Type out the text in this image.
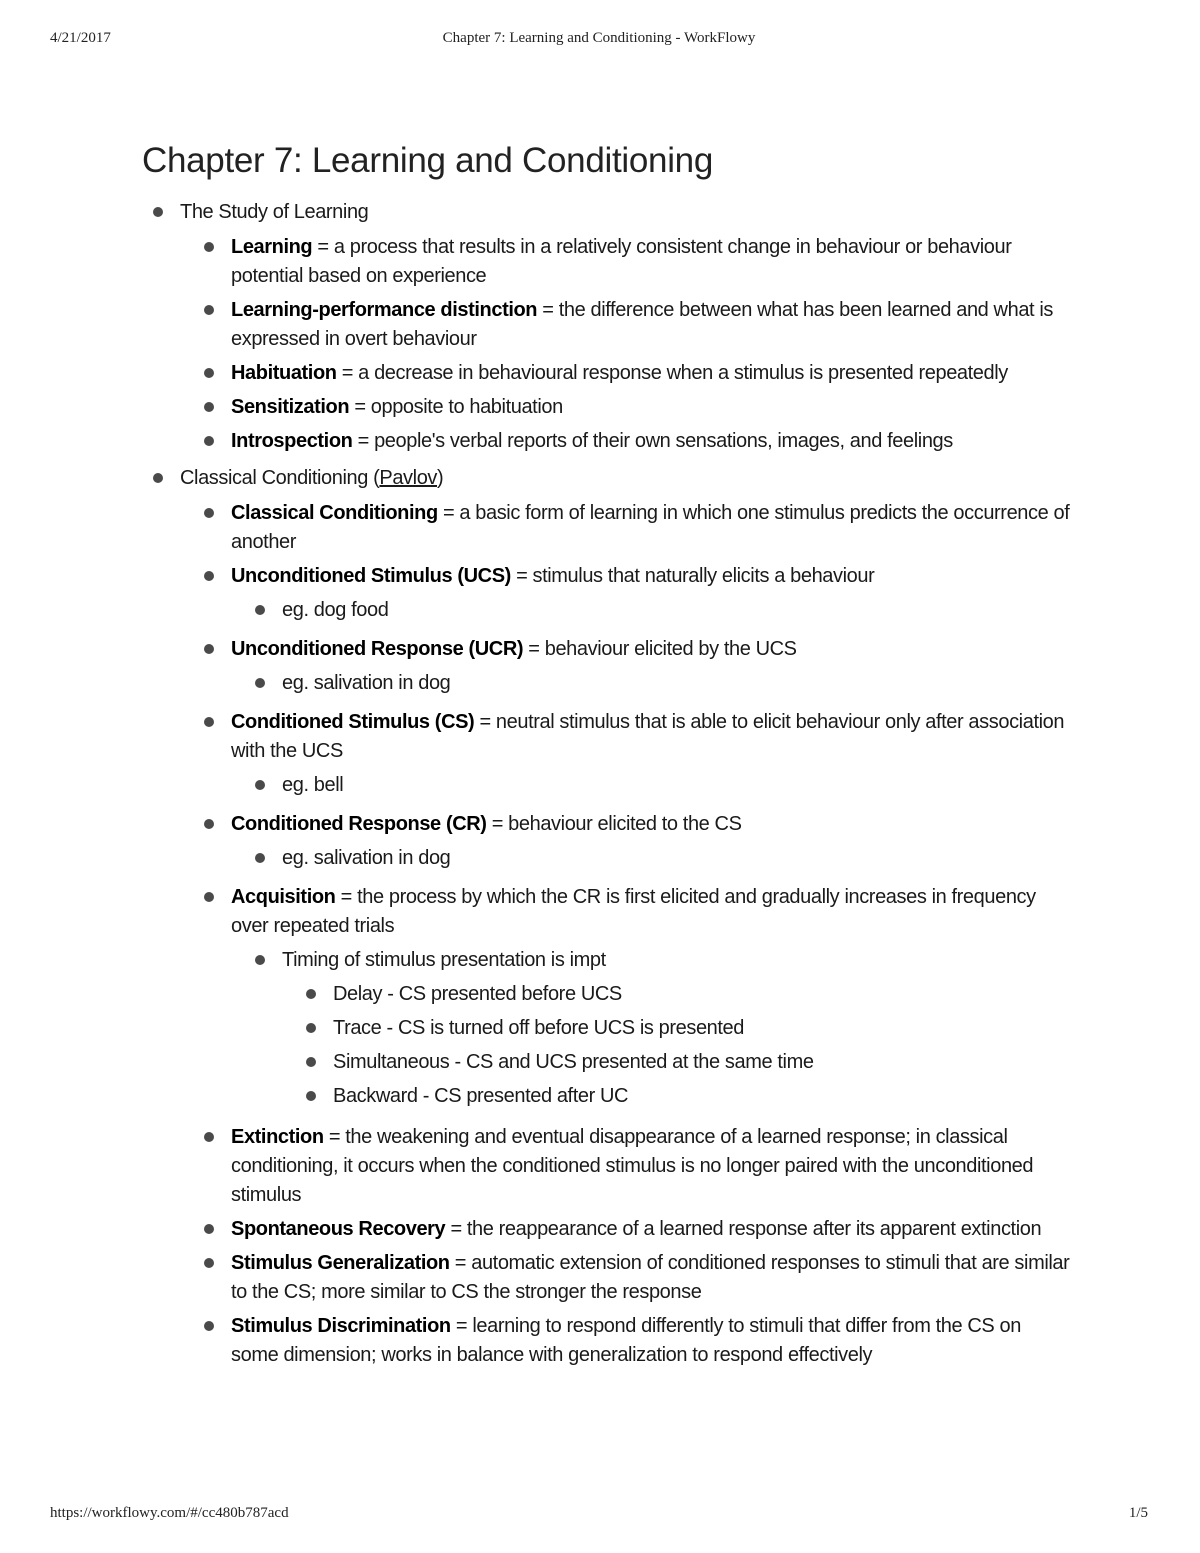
4/21/2017	Chapter 7: Learning and Conditioning - WorkFlowy
Chapter 7: Learning and Conditioning
The Study of Learning
Learning = a process that results in a relatively consistent change in behaviour or behaviour potential based on experience
Learning-performance distinction = the difference between what has been learned and what is expressed in overt behaviour
Habituation = a decrease in behavioural response when a stimulus is presented repeatedly
Sensitization = opposite to habituation
Introspection = people's verbal reports of their own sensations, images, and feelings
Classical Conditioning (Pavlov)
Classical Conditioning = a basic form of learning in which one stimulus predicts the occurrence of another
Unconditioned Stimulus (UCS) = stimulus that naturally elicits a behaviour
eg. dog food
Unconditioned Response (UCR) = behaviour elicited by the UCS
eg. salivation in dog
Conditioned Stimulus (CS) = neutral stimulus that is able to elicit behaviour only after association with the UCS
eg. bell
Conditioned Response (CR) = behaviour elicited to the CS
eg. salivation in dog
Acquisition = the process by which the CR is first elicited and gradually increases in frequency over repeated trials
Timing of stimulus presentation is impt
Delay - CS presented before UCS
Trace - CS is turned off before UCS is presented
Simultaneous - CS and UCS presented at the same time
Backward - CS presented after UC
Extinction = the weakening and eventual disappearance of a learned response; in classical conditioning, it occurs when the conditioned stimulus is no longer paired with the unconditioned stimulus
Spontaneous Recovery = the reappearance of a learned response after its apparent extinction
Stimulus Generalization = automatic extension of conditioned responses to stimuli that are similar to the CS; more similar to CS the stronger the response
Stimulus Discrimination = learning to respond differently to stimuli that differ from the CS on some dimension; works in balance with generalization to respond effectively
https://workflowy.com/#/cc480b787acd	1/5
